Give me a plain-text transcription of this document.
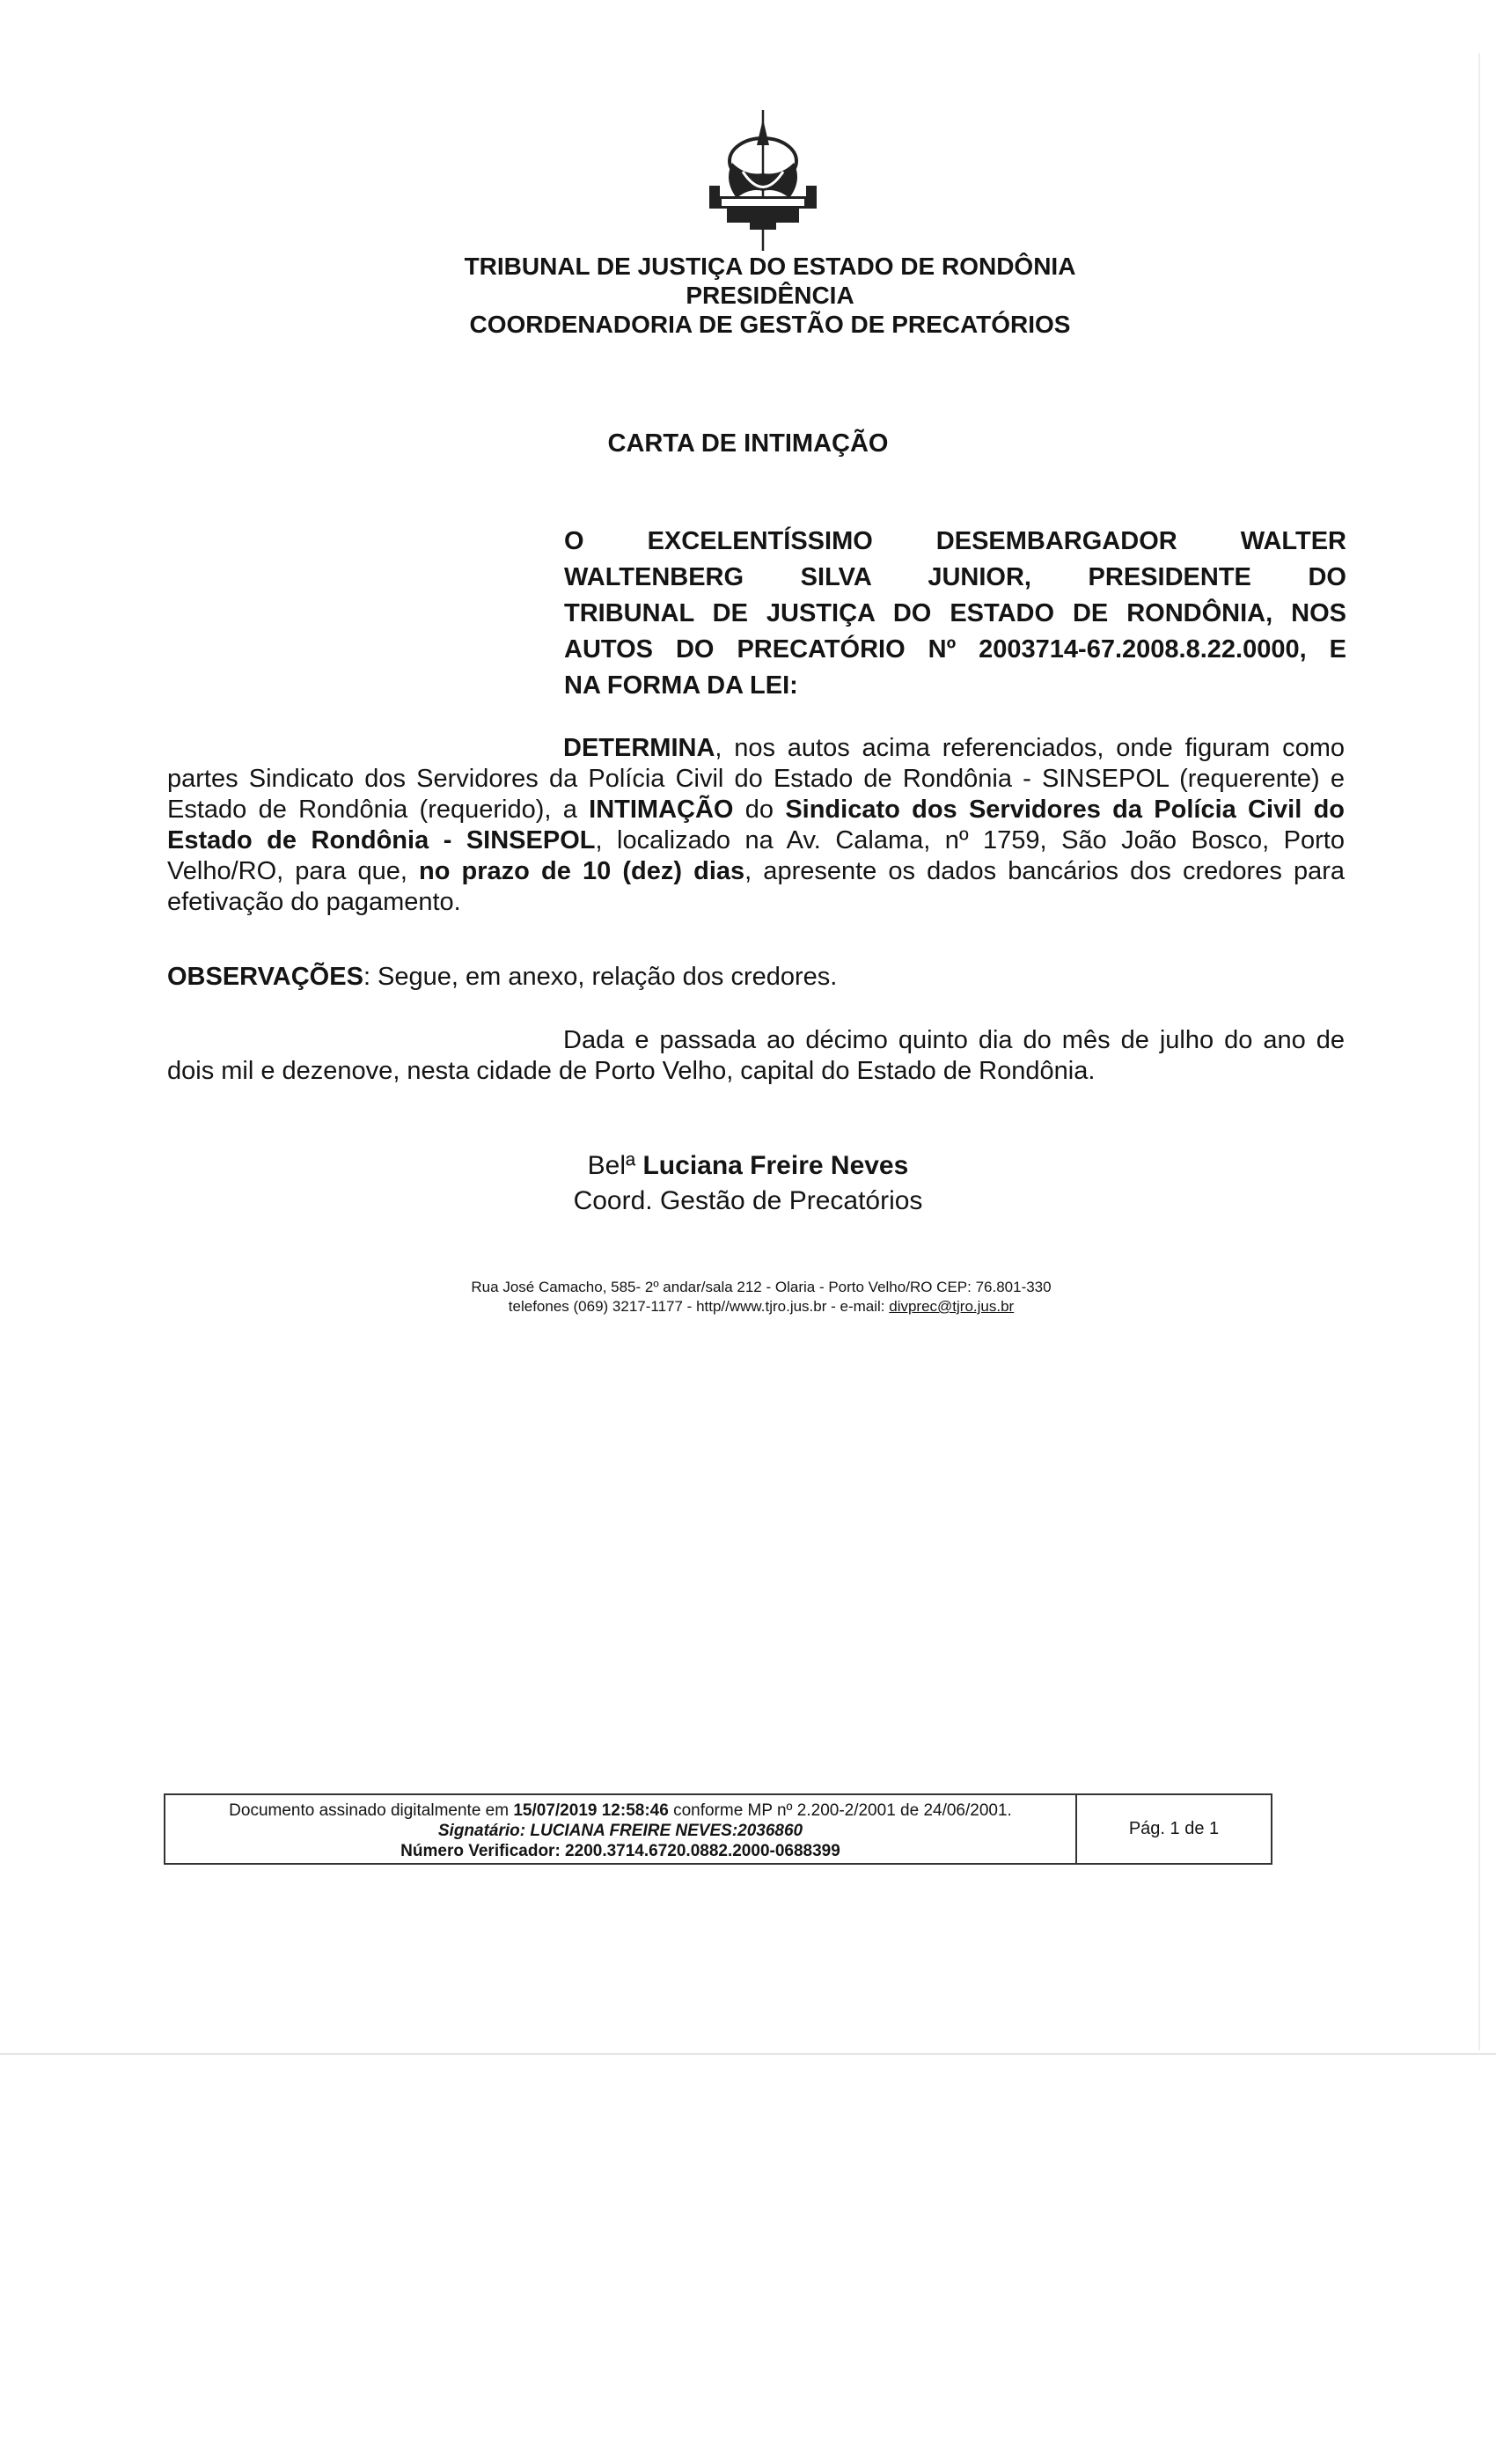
TRIBUNAL DE JUSTIÇA DO ESTADO DE RONDÔNIA
PRESIDÊNCIA
COORDENADORIA DE GESTÃO DE PRECATÓRIOS
CARTA DE INTIMAÇÃO
O EXCELENTÍSSIMO DESEMBARGADOR WALTER
WALTENBERG SILVA JUNIOR, PRESIDENTE DO
TRIBUNAL DE JUSTIÇA DO ESTADO DE RONDÔNIA, NOS
AUTOS DO PRECATÓRIO Nº 2003714-67.2008.8.22.0000, E
NA FORMA DA LEI:
DETERMINA, nos autos acima referenciados, onde figuram como partes Sindicato dos Servidores da Polícia Civil do Estado de Rondônia - SINSEPOL (requerente) e Estado de Rondônia (requerido), a INTIMAÇÃO do Sindicato dos Servidores da Polícia Civil do Estado de Rondônia - SINSEPOL, localizado na Av. Calama, nº 1759, São João Bosco, Porto Velho/RO, para que, no prazo de 10 (dez) dias, apresente os dados bancários dos credores para efetivação do pagamento.
OBSERVAÇÕES: Segue, em anexo, relação dos credores.
Dada e passada ao décimo quinto dia do mês de julho do ano de dois mil e dezenove, nesta cidade de Porto Velho, capital do Estado de Rondônia.
Belª Luciana Freire Neves
Coord. Gestão de Precatórios
Rua José Camacho, 585- 2º andar/sala 212 - Olaria - Porto Velho/RO CEP: 76.801-330
telefones (069) 3217-1177 - http//www.tjro.jus.br - e-mail: divprec@tjro.jus.br
Documento assinado digitalmente em 15/07/2019 12:58:46 conforme MP nº 2.200-2/2001 de 24/06/2001.
Signatário: LUCIANA FREIRE NEVES:2036860
Número Verificador: 2200.3714.6720.0882.2000-0688399
Pág. 1 de 1
